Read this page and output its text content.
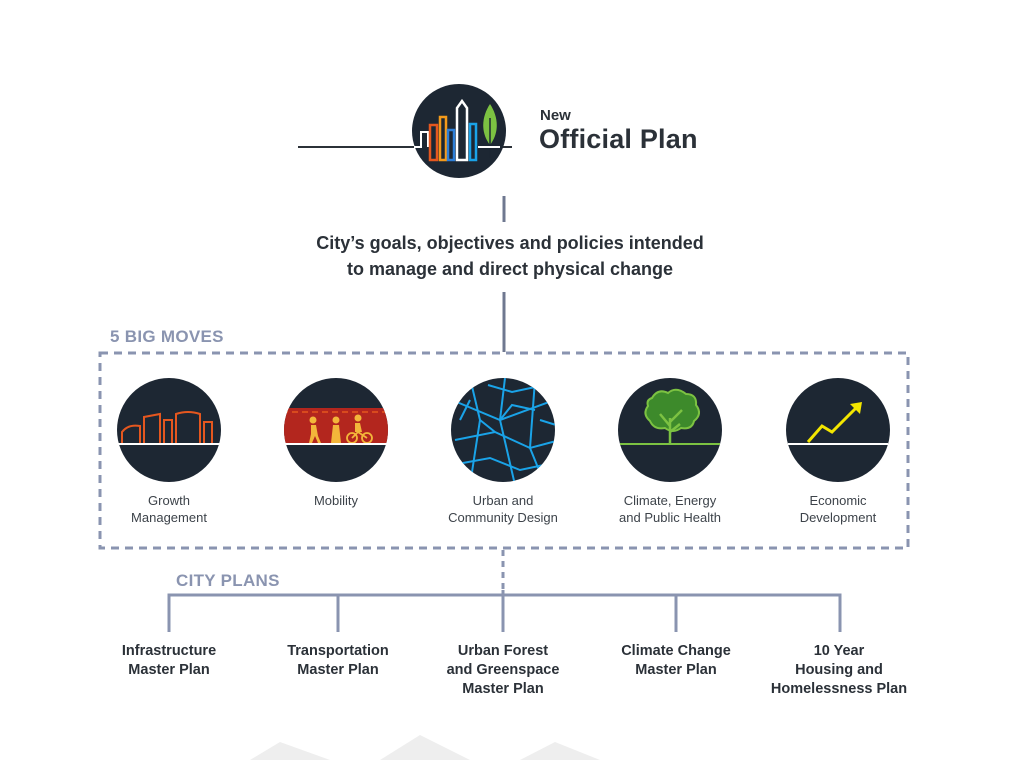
New
Official Plan
City’s goals, objectives and policies intended
to manage and direct physical change
5 BIG MOVES
Growth
Management
Mobility	Urban and
Community Design
Climate, Energy
and Public Health
Economic
Development
CITY PLANS
Infrastructure
Master Plan
Transportation
Master Plan
Urban Forest
and Greenspace
Master Plan
Climate Change
Master Plan
10 Year
Housing and
Homelessness Plan
